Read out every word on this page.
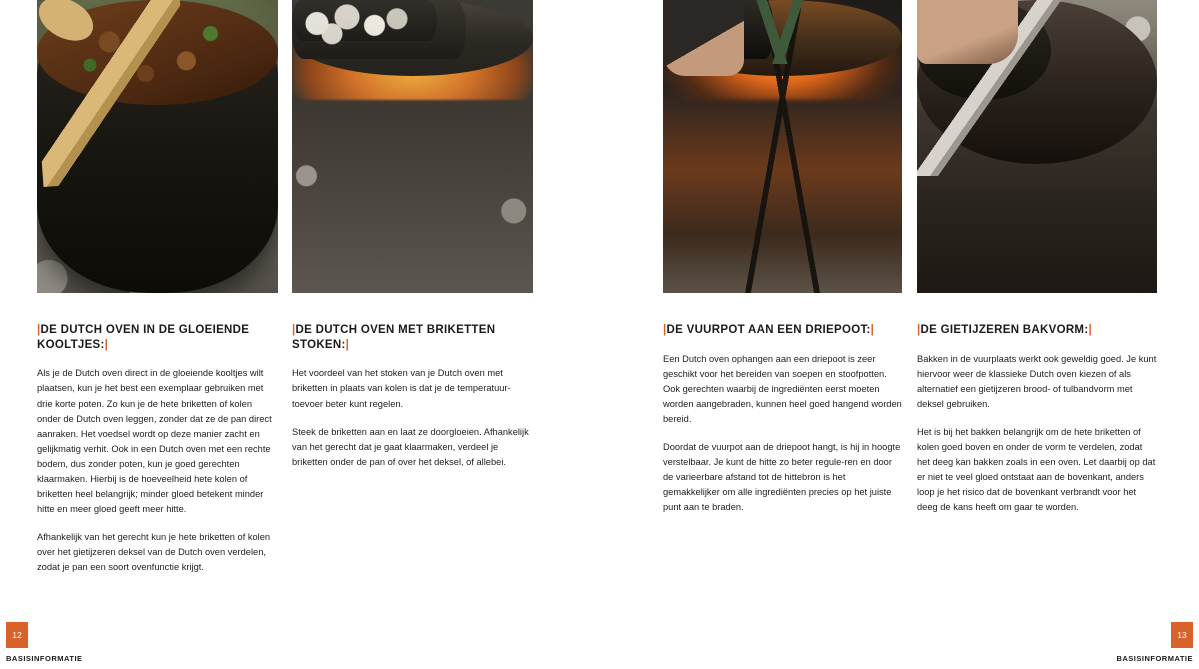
|DE DUTCH OVEN IN DE GLOEIENDE KOOLTJES:|

Als je de Dutch oven direct in de gloeiende kooltjes wilt plaatsen, kun je het best een exemplaar gebruiken met drie korte poten. Zo kun je de hete briketten of kolen onder de Dutch oven leggen, zonder dat ze de pan direct aanraken. Het voedsel wordt op deze manier zacht en gelijkmatig verhit. Ook in een Dutch oven met een rechte bodem, dus zonder poten, kun je goed gerechten klaarmaken. Hierbij is de hoeveelheid hete kolen of briketten heel belangrijk; minder gloed betekent minder hitte en meer gloed geeft meer hitte.

Afhankelijk van het gerecht kun je hete briketten of kolen over het gietijzeren deksel van de Dutch oven verdelen, zodat je pan een soort ovenfunctie krijgt.

|DE DUTCH OVEN MET BRIKETTEN STOKEN:|

Het voordeel van het stoken van je Dutch oven met briketten in plaats van kolen is dat je de temperatuur-toevoer beter kunt regelen.

Steek de briketten aan en laat ze doorgloeien. Afhankelijk van het gerecht dat je gaat klaarmaken, verdeel je briketten onder de pan of over het deksel, of allebei.

|DE VUURPOT AAN EEN DRIEPOOT:|

Een Dutch oven ophangen aan een driepoot is zeer geschikt voor het bereiden van soepen en stoofpotten. Ook gerechten waarbij de ingrediënten eerst moeten worden aangebraden, kunnen heel goed hangend worden bereid.

Doordat de vuurpot aan de driepoot hangt, is hij in hoogte verstelbaar. Je kunt de hitte zo beter regule-ren en door de varieerbare afstand tot de hittebron is het gemakkelijker om alle ingrediënten precies op het juiste punt aan te braden.

|DE GIETIJZEREN BAKVORM:|

Bakken in de vuurplaats werkt ook geweldig goed. Je kunt hiervoor weer de klassieke Dutch oven kiezen of als alternatief een gietijzeren brood- of tulbandvorm met deksel gebruiken.

Het is bij het bakken belangrijk om de hete briketten of kolen goed boven en onder de vorm te verdelen, zodat het deeg kan bakken zoals in een oven. Let daarbij op dat er niet te veel gloed ontstaat aan de bovenkant, anders loop je het risico dat de bovenkant verbrandt voor het deeg de kans heeft om gaar te worden.

12	13
BASISINFORMATIE	BASISINFORMATIE
